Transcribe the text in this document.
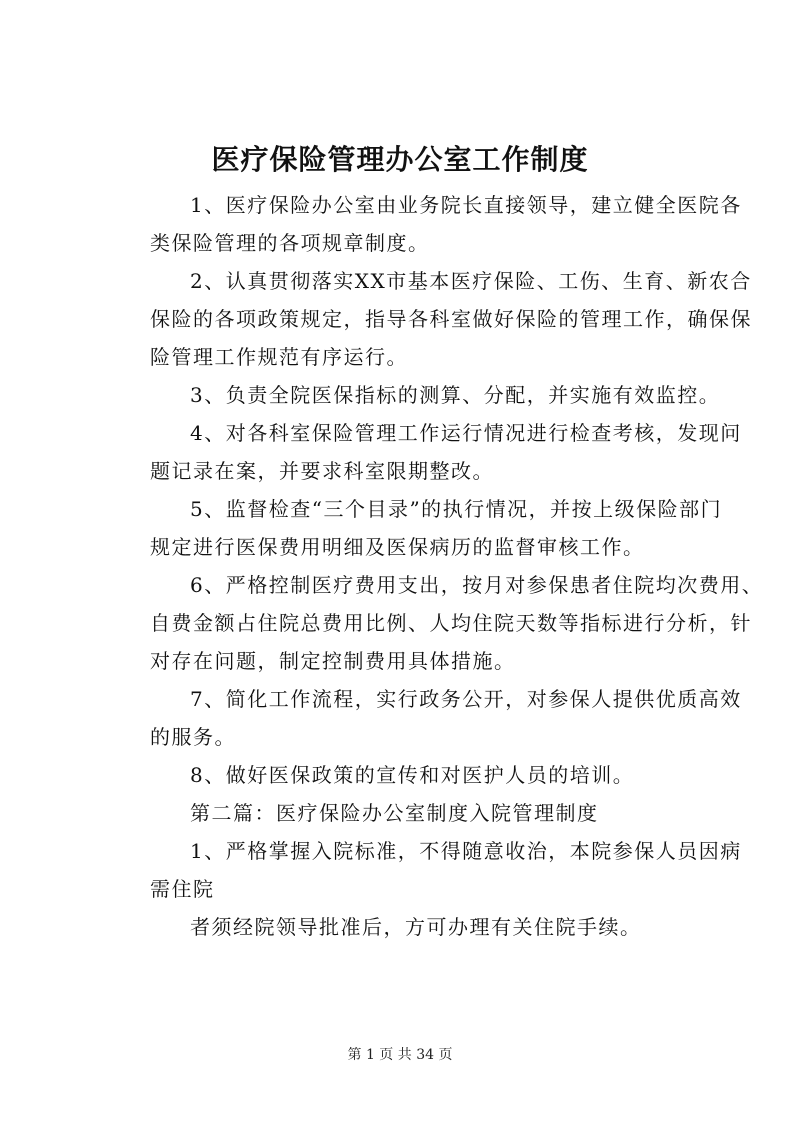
医疗保险管理办公室工作制度

1、医疗保险办公室由业务院长直接领导，建立健全医院各
类保险管理的各项规章制度。

2、认真贯彻落实XX市基本医疗保险、工伤、生育、新农合
保险的各项政策规定，指导各科室做好保险的管理工作，确保保
险管理工作规范有序运行。

3、负责全院医保指标的测算、分配，并实施有效监控。

4、对各科室保险管理工作运行情况进行检查考核，发现问
题记录在案，并要求科室限期整改。

5、监督检查“三个目录”的执行情况，并按上级保险部门
规定进行医保费用明细及医保病历的监督审核工作。

6、严格控制医疗费用支出，按月对参保患者住院均次费用、
自费金额占住院总费用比例、人均住院天数等指标进行分析，针
对存在问题，制定控制费用具体措施。

7、简化工作流程，实行政务公开，对参保人提供优质高效
的服务。

8、做好医保政策的宣传和对医护人员的培训。

第二篇：医疗保险办公室制度入院管理制度

1、严格掌握入院标准，不得随意收治，本院参保人员因病
需住院

者须经院领导批准后，方可办理有关住院手续。

第 1 页 共 34 页
